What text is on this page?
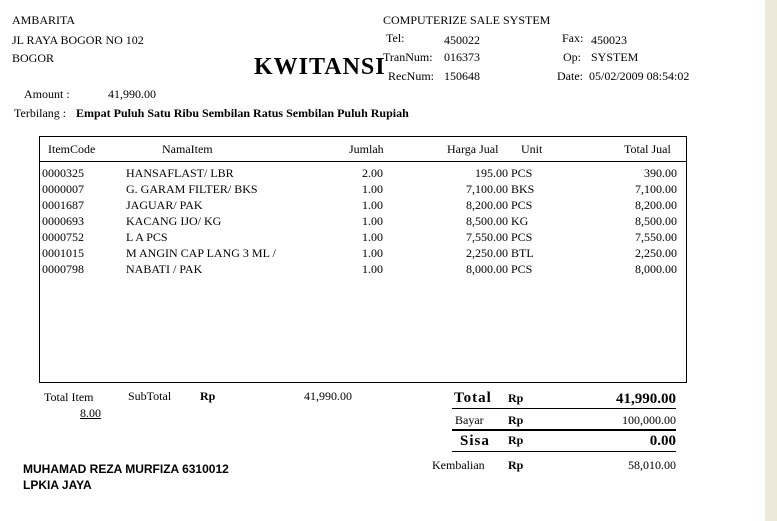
AMBARITA
JL RAYA BOGOR NO 102
BOGOR	KWITANSI
COMPUTERIZE SALE SYSTEM
Tel:	450022	Fax: 450023
TranNum: 016373	Op: SYSTEM
RecNum: 150648	Date: 05/02/2009 08:54:02
Amount :	41,990.00
Terbilang : Empat Puluh Satu Ribu Sembilan Ratus Sembilan Puluh Rupiah
ItemCode	NamaItem	Jumlah	Harga Jual Unit	Total Jual
0000325	HANSAFLAST/ LBR	2.00	195.00 PCS	390.00
0000007	G. GARAM FILTER/ BKS	1.00	7,100.00 BKS	7,100.00
0001687	JAGUAR/ PAK	1.00	8,200.00 PCS	8,200.00
0000693	KACANG IJO/ KG	1.00	8,500.00 KG	8,500.00
0000752	L A PCS	1.00	7,550.00 PCS	7,550.00
0001015	M ANGIN CAP LANG 3 ML /	1.00	2,250.00 BTL	2,250.00
0000798	NABATI / PAK	1.00	8,000.00 PCS	8,000.00
Total Item
8.00
SubTotal Rp	41,990.00	Total Rp	41,990.00
Bayar Rp	100,000.00
Sisa Rp	0.00
Kembalian Rp	58,010.00
MUHAMAD REZA MURFIZA 6310012
LPKIA JAYA
